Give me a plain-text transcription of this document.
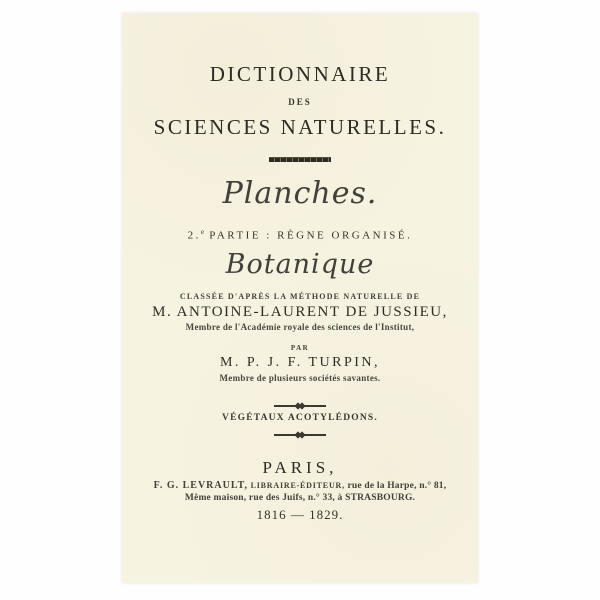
DICTIONNAIRE
DES
SCIENCES NATURELLES.
Planches.
2.$^e$ PARTIE : RÈGNE ORGANISÉ.
Botanique
CLASSÉE D'APRÈS LA MÉTHODE NATURELLE DE
M. ANTOINE-LAURENT DE JUSSIEU,
Membre de l'Académie royale des sciences de l'Institut,
PAR
M. P. J. F. TURPIN,
Membre de plusieurs sociétés savantes.
VÉGÉTAUX ACOTYLÉDONS.
PARIS,
F. G. LEVRAULT, LIBRAIRE-ÉDITEUR, rue de la Harpe, n.° 81,
Même maison, rue des Juifs, n.° 33, à STRASBOURG.
1816 — 1829.
